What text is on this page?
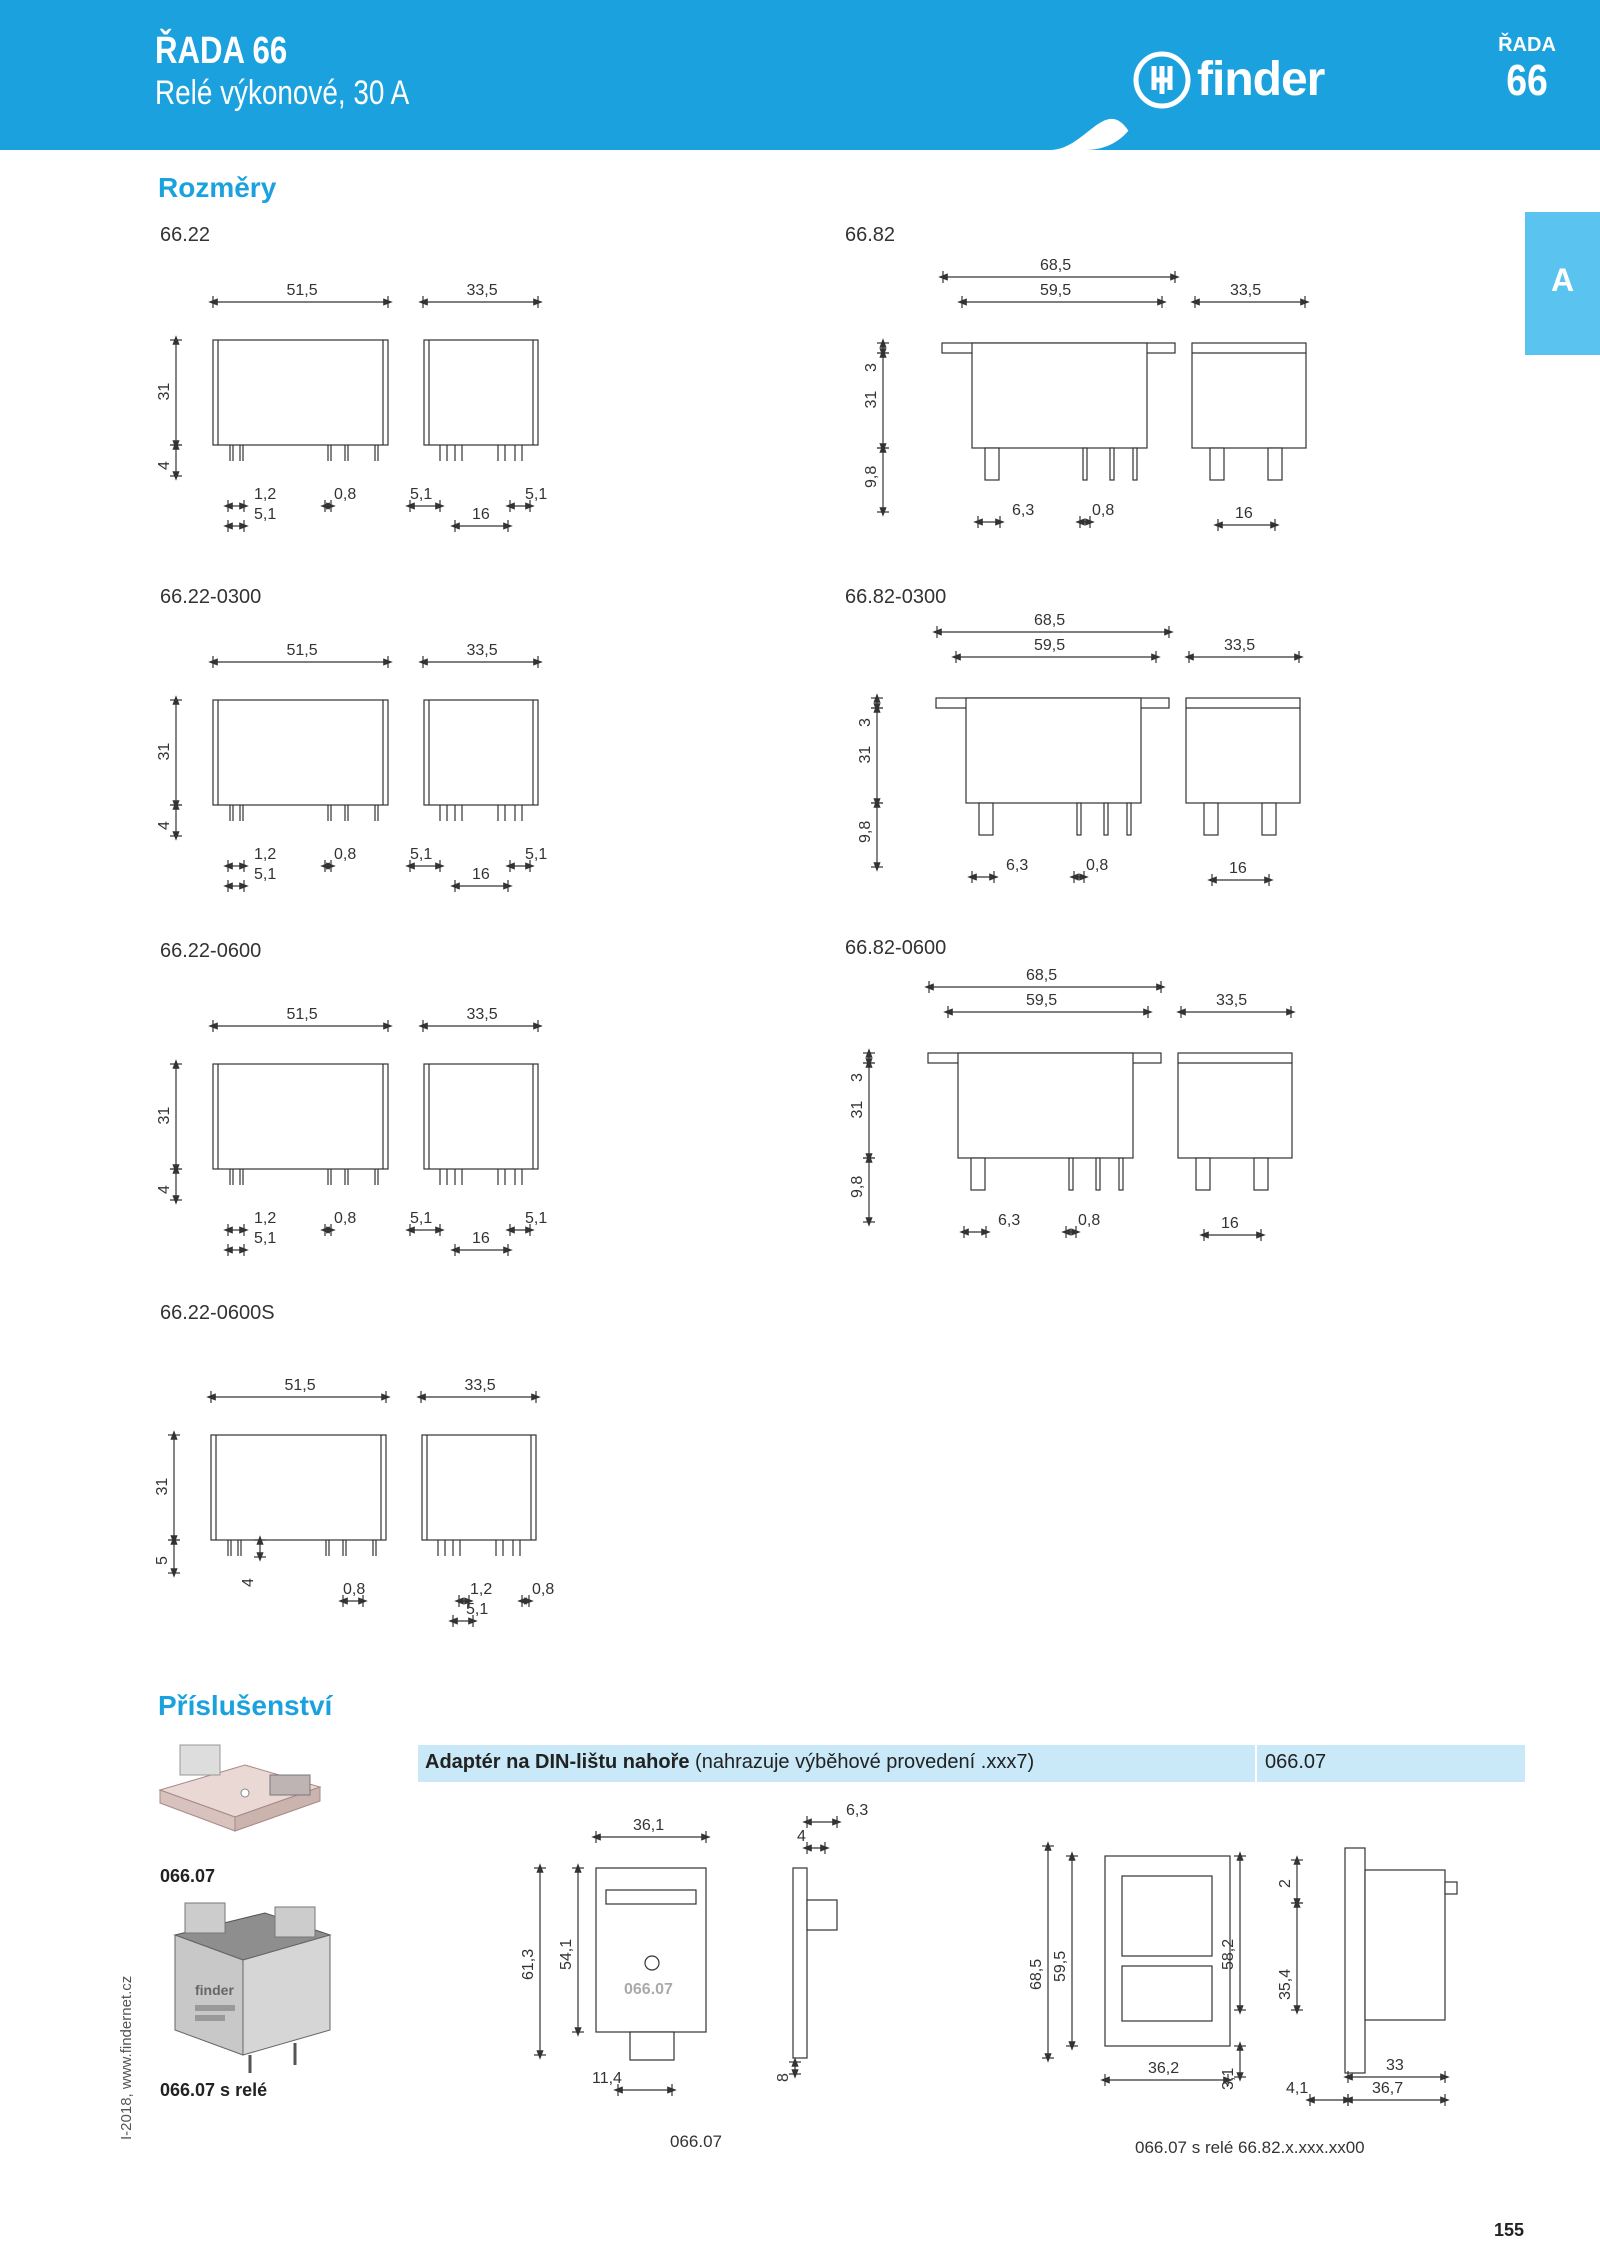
ŘADA 66
Relé výkonové, 30 A	finder
ŘADA
66
A
Rozměry
Příslušenství
66.22	66.82
66.22-0300	66.82-0300
66.22-0600	66.82-0600
66.22-0600S
51,5	33,5
31
4
1,2	0,8
5,1
5,1	5,1
16
68,5
59,5	33,5
3
31
9,8
6,3	0,8	16
51,5	33,5
31
4
1,2	0,8
5,1
5,1	5,1
16
68,5
59,5	33,5
3
31
9,8
6,3	0,8	16
51,5	33,5
31
4
1,2	0,8
5,1
5,1	5,1
16
68,5
59,5	33,5
3
31
9,8
6,3	0,8	16
51,5	33,5
31
5
4	0,8	1,2 0,8
5,1
36,1
61,3 54,1
066.07
11,4
6,3
4
8
68,5 59,5	58,2
3,1
36,2
2
35,4
33
4,1	36,7
Adaptér na DIN-lištu nahoře (nahrazuje výběhové provedení .xxx7)	066.07
066.07
finder
066.07 s relé
066.07	066.07 s relé 66.82.x.xxx.xx00
I-2018, www.findernet.cz
155
